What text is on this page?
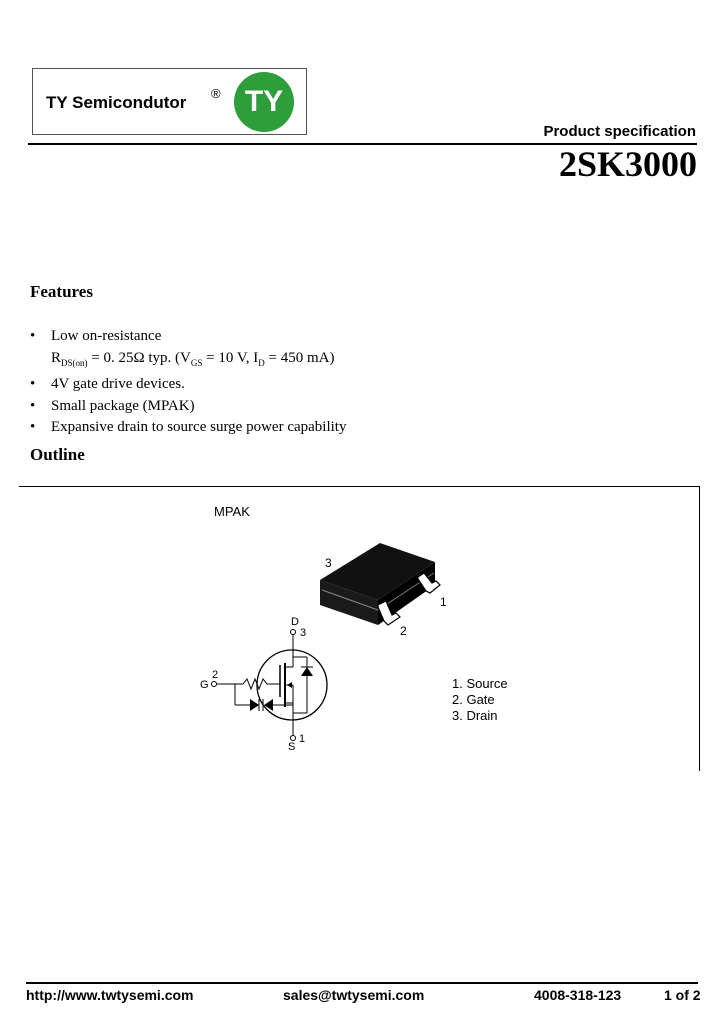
TY Semicondutor ® TY
Product specification
2SK3000
Features
• Low on-resistance
$R_{DS(on)} = 0$. 25Ω typ. ($V_{GS} = 10$ V, $I_D = 450$ mA)
• 4V gate drive devices.
• Small package (MPAK)
• Expansive drain to source surge power capability
Outline
MPAK
3
1
2
D
3
2
G
1
S
1. Source
2. Gate
3. Drain
http://www.twtysemi.com	sales@twtysemi.com	4008-318-123	1 of 2
